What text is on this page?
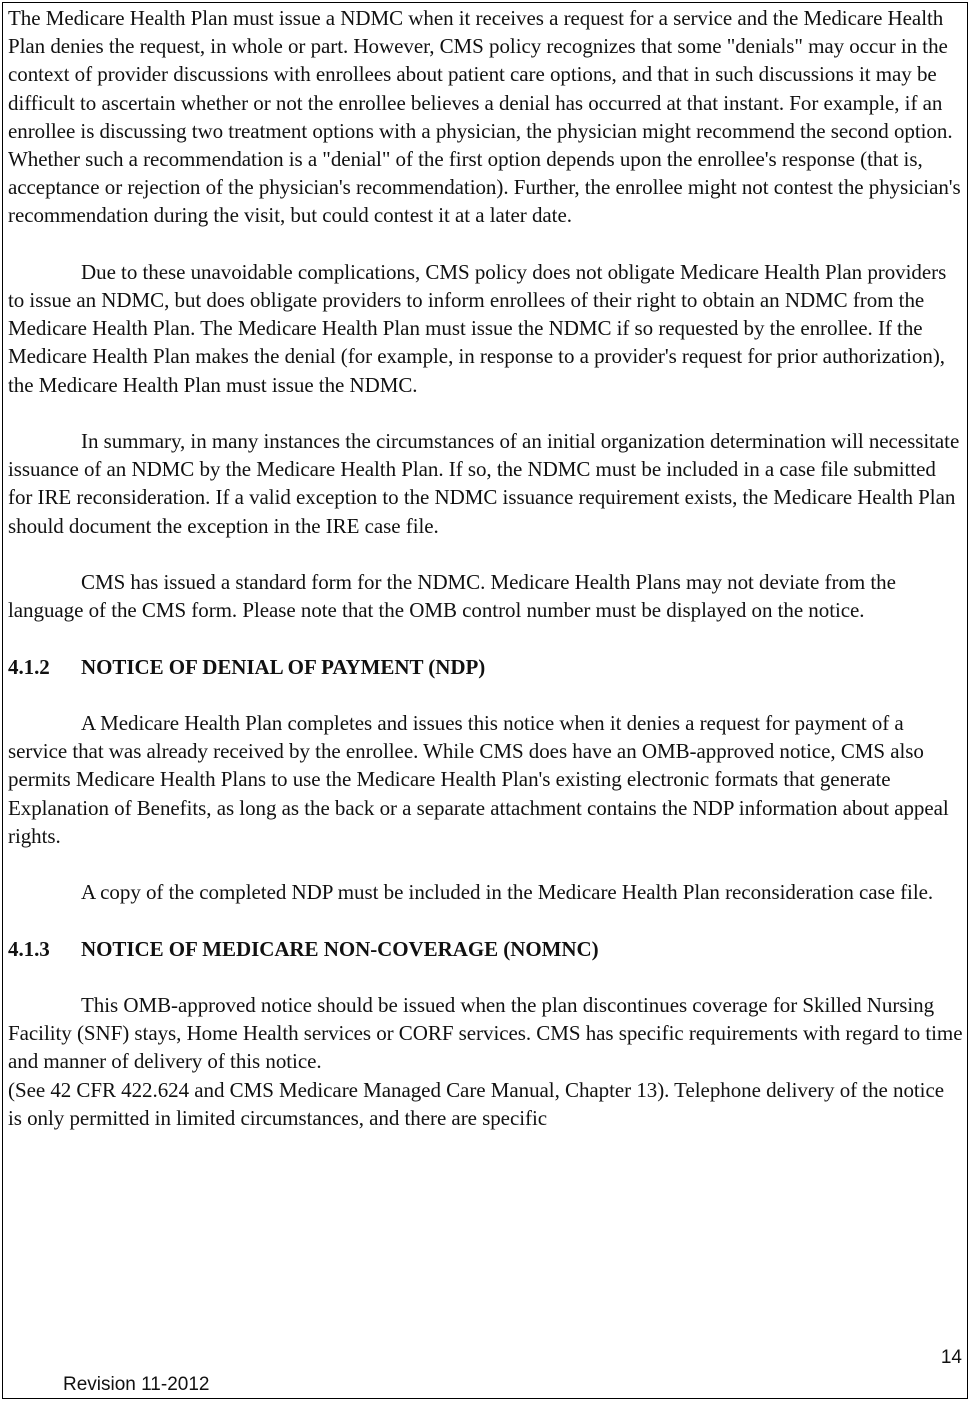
The Medicare Health Plan must issue a NDMC when it receives a request for a service and the Medicare Health Plan denies the request, in whole or part. However, CMS policy recognizes that some "denials" may occur in the context of provider discussions with enrollees about patient care options, and that in such discussions it may be difficult to ascertain whether or not the enrollee believes a denial has occurred at that instant. For example, if an enrollee is discussing two treatment options with a physician, the physician might recommend the second option. Whether such a recommendation is a "denial" of the first option depends upon the enrollee's response (that is, acceptance or rejection of the physician's recommendation). Further, the enrollee might not contest the physician's recommendation during the visit, but could contest it at a later date.

Due to these unavoidable complications, CMS policy does not obligate Medicare Health Plan providers to issue an NDMC, but does obligate providers to inform enrollees of their right to obtain an NDMC from the Medicare Health Plan. The Medicare Health Plan must issue the NDMC if so requested by the enrollee. If the Medicare Health Plan makes the denial (for example, in response to a provider's request for prior authorization), the Medicare Health Plan must issue the NDMC.

In summary, in many instances the circumstances of an initial organization determination will necessitate issuance of an NDMC by the Medicare Health Plan. If so, the NDMC must be included in a case file submitted for IRE reconsideration. If a valid exception to the NDMC issuance requirement exists, the Medicare Health Plan should document the exception in the IRE case file.

CMS has issued a standard form for the NDMC. Medicare Health Plans may not deviate from the language of the CMS form. Please note that the OMB control number must be displayed on the notice.

4.1.2 NOTICE OF DENIAL OF PAYMENT (NDP)

A Medicare Health Plan completes and issues this notice when it denies a request for payment of a service that was already received by the enrollee. While CMS does have an OMB-approved notice, CMS also permits Medicare Health Plans to use the Medicare Health Plan's existing electronic formats that generate Explanation of Benefits, as long as the back or a separate attachment contains the NDP information about appeal rights.

A copy of the completed NDP must be included in the Medicare Health Plan reconsideration case file.

4.1.3 NOTICE OF MEDICARE NON-COVERAGE (NOMNC)

This OMB-approved notice should be issued when the plan discontinues coverage for Skilled Nursing Facility (SNF) stays, Home Health services or CORF services. CMS has specific requirements with regard to time and manner of delivery of this notice.
(See 42 CFR 422.624 and CMS Medicare Managed Care Manual, Chapter 13). Telephone delivery of the notice is only permitted in limited circumstances, and there are specific

14
Revision 11-2012
